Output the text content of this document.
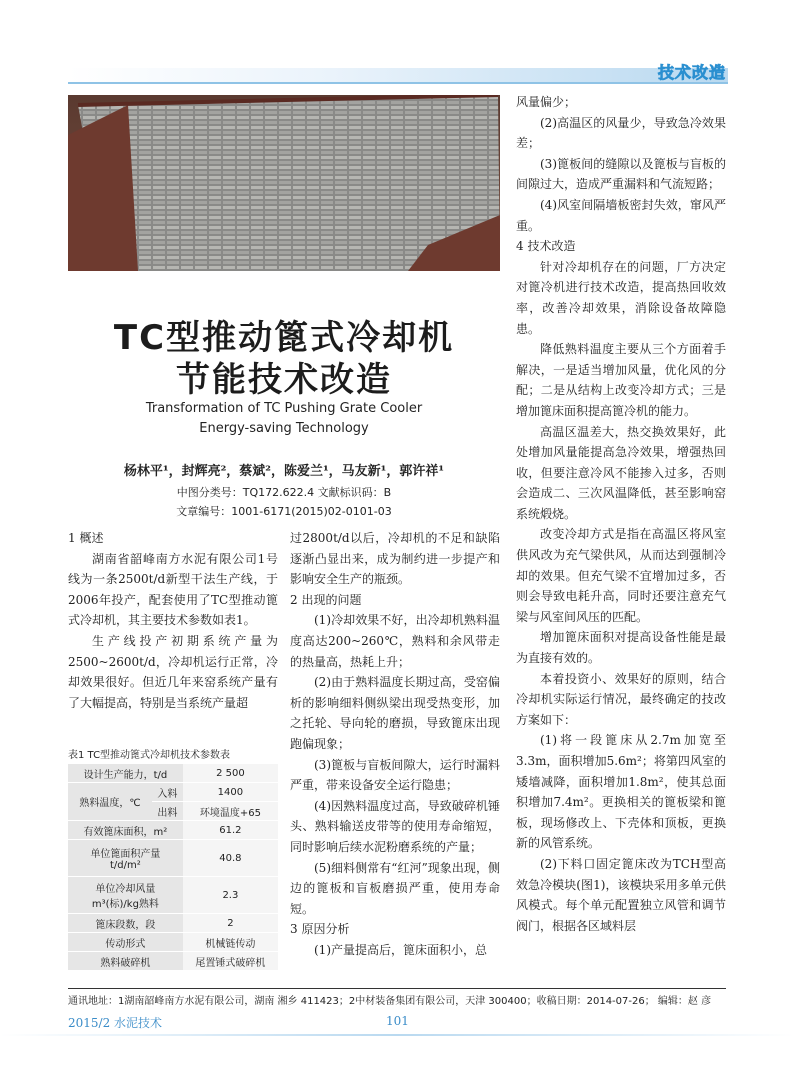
技术改造
TC型推动篦式冷却机
节能技术改造
Transformation of TC Pushing Grate Cooler
Energy-saving Technology
杨林平¹，封辉亮²，蔡斌²，陈爱兰¹，马友新¹，郭许祥¹
中图分类号：TQ172.622.4 文献标识码：B
文章编号：1001-6171(2015)02-0101-03
1 概述

湖南省韶峰南方水泥有限公司1号线为一条2500t/d新型干法生产线，于2006年投产，配套使用了TC型推动篦式冷却机，其主要技术参数如表1。

生产线投产初期系统产量为2500~2600t/d，冷却机运行正常，冷却效果很好。但近几年来窑系统产量有了大幅提高，特别是当系统产量超

表1 TC型推动篦式冷却机技术参数表
设计生产能力，t/d		2 500
熟料温度，℃	入料	1400
	出料	环境温度+65
有效篦床面积，m²		61.2
单位篦面积产量
t/d/m²		40.8
单位冷却风量
m³(标)/kg熟料		2.3
篦床段数，段		2
传动形式		机械链传动
熟料破碎机		尾置锤式破碎机

过2800t/d以后，冷却机的不足和缺陷逐渐凸显出来，成为制约进一步提产和影响安全生产的瓶颈。

2 出现的问题

(1)冷却效果不好，出冷却机熟料温度高达200~260℃，熟料和余风带走的热量高，热耗上升；

(2)由于熟料温度长期过高，受窑偏析的影响细料侧纵梁出现受热变形，加之托轮、导向轮的磨损，导致篦床出现跑偏现象；

(3)篦板与盲板间隙大，运行时漏料严重，带来设备安全运行隐患；

(4)因熟料温度过高，导致破碎机锤头、熟料输送皮带等的使用寿命缩短，同时影响后续水泥粉磨系统的产量；

(5)细料侧常有“红河”现象出现，侧边的篦板和盲板磨损严重，使用寿命短。

3 原因分析

(1)产量提高后，篦床面积小，总

风量偏少；

(2)高温区的风量少，导致急冷效果差；

(3)篦板间的缝隙以及篦板与盲板的间隙过大，造成严重漏料和气流短路；

(4)风室间隔墙板密封失效，窜风严重。

4 技术改造

针对冷却机存在的问题，厂方决定对篦冷机进行技术改造，提高热回收效率，改善冷却效果，消除设备故障隐患。

降低熟料温度主要从三个方面着手解决，一是适当增加风量，优化风的分配；二是从结构上改变冷却方式；三是增加篦床面积提高篦冷机的能力。

高温区温差大，热交换效果好，此处增加风量能提高急冷效果，增强热回收，但要注意冷风不能掺入过多，否则会造成二、三次风温降低，甚至影响窑系统煅烧。

改变冷却方式是指在高温区将风室供风改为充气梁供风，从而达到强制冷却的效果。但充气梁不宜增加过多，否则会导致电耗升高，同时还要注意充气梁与风室间风压的匹配。

增加篦床面积对提高设备性能是最为直接有效的。

本着投资小、效果好的原则，结合冷却机实际运行情况，最终确定的技改方案如下：

(1)将一段篦床从2.7m加宽至3.3m，面积增加5.6m²；将第四风室的矮墙减降，面积增加1.8m²，使其总面积增加7.4m²。更换相关的篦板梁和篦板，现场修改上、下壳体和顶板，更换新的风管系统。

(2)下料口固定篦床改为TCH型高效急冷模块(图1)，该模块采用多单元供风模式。每个单元配置独立风管和调节阀门，根据各区域料层

通讯地址：1湖南韶峰南方水泥有限公司，湖南 湘乡 411423；2中材装备集团有限公司，天津 300400；收稿日期：2014-07-26； 编辑：赵 彦
2015/2 水泥技术	101
